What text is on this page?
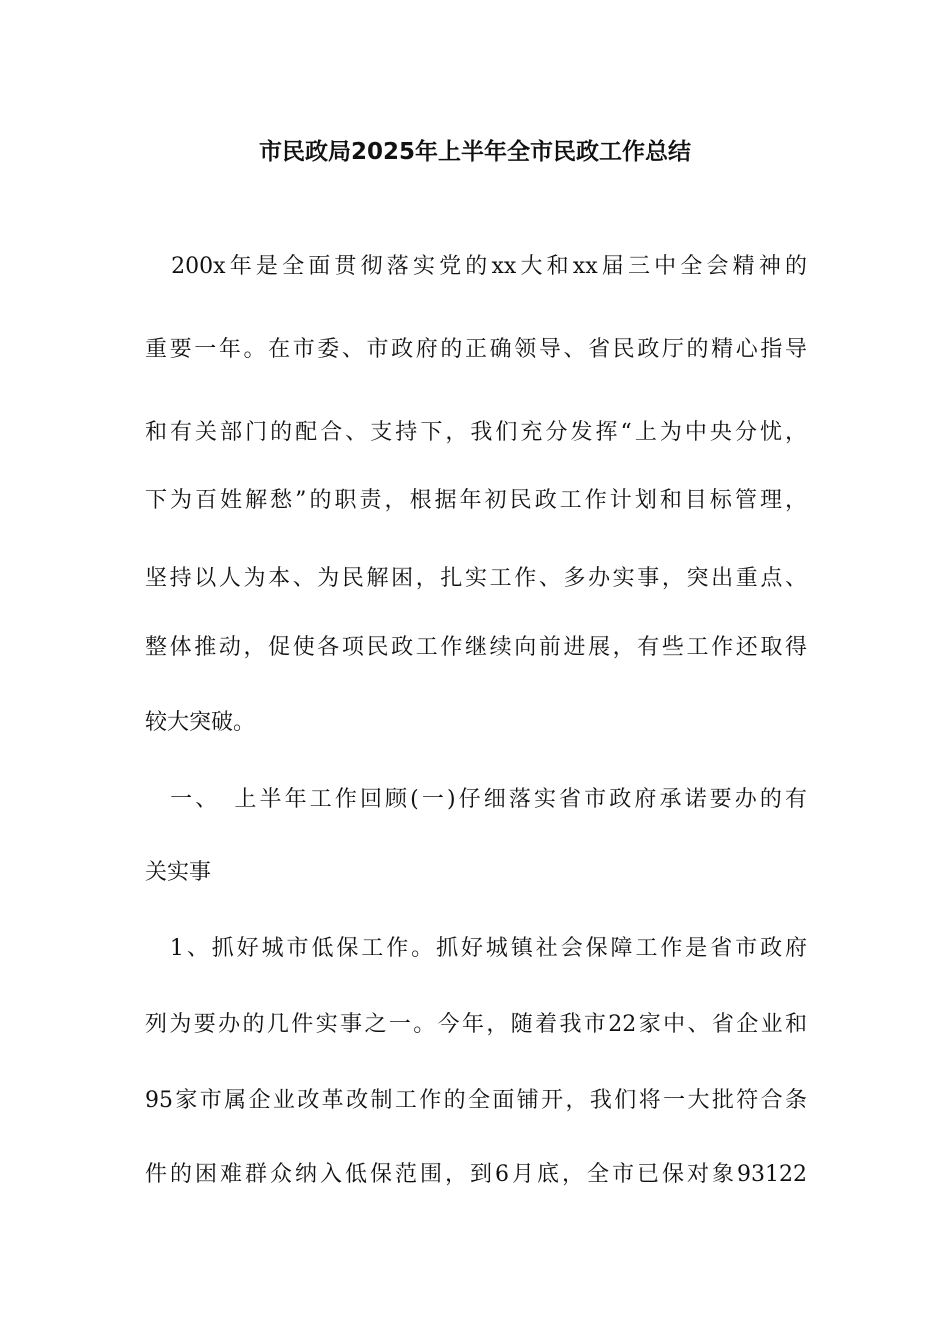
市民政局2025年上半年全市民政工作总结
　200x年是全面贯彻落实党的xx大和xx届三中全会精神的
重要一年。在市委、市政府的正确领导、省民政厅的精心指导
和有关部门的配合、支持下，我们充分发挥“上为中央分忧，
下为百姓解愁”的职责，根据年初民政工作计划和目标管理，
坚持以人为本、为民解困，扎实工作、多办实事，突出重点、
整体推动，促使各项民政工作继续向前进展，有些工作还取得
较大突破。
　一、　上半年工作回顾(一)仔细落实省市政府承诺要办的有
关实事
　1、抓好城市低保工作。抓好城镇社会保障工作是省市政府
列为要办的几件实事之一。今年，随着我市22家中、省企业和
95家市属企业改革改制工作的全面铺开，我们将一大批符合条
件的困难群众纳入低保范围，到6月底，全市已保对象93122
